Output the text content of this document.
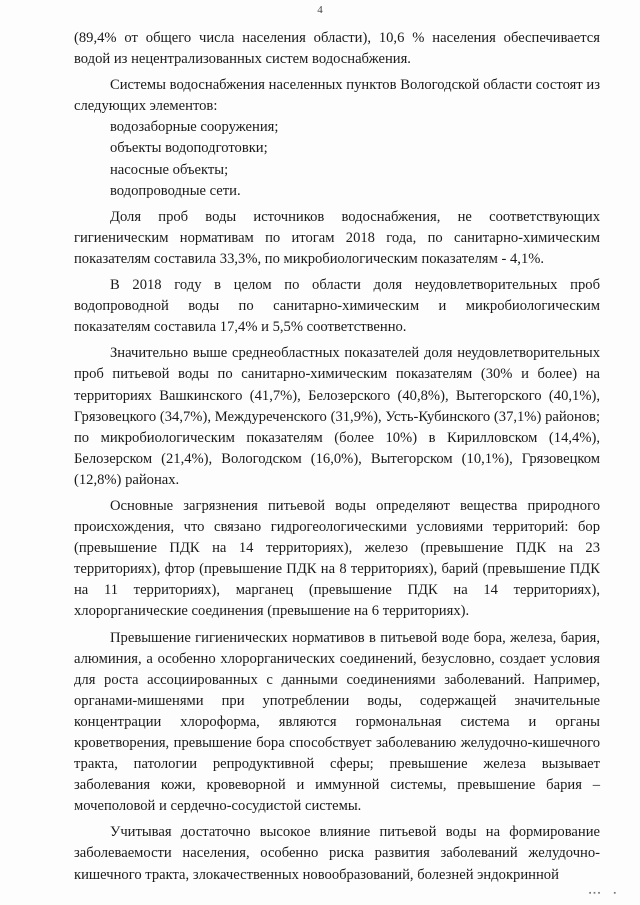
4

(89,4% от общего числа населения области), 10,6 % населения обеспечивается водой из нецентрализованных систем водоснабжения.

Системы водоснабжения населенных пунктов Вологодской области состоят из следующих элементов:

водозаборные сооружения;
объекты водоподготовки;
насосные объекты;
водопроводные сети.

Доля проб воды источников водоснабжения, не соответствующих гигиеническим нормативам по итогам 2018 года, по санитарно-химическим показателям составила 33,3%, по микробиологическим показателям - 4,1%.

В 2018 году в целом по области доля неудовлетворительных проб водопроводной воды по санитарно-химическим и микробиологическим показателям составила 17,4% и 5,5% соответственно.

Значительно выше среднеобластных показателей доля неудовлетворительных проб питьевой воды по санитарно-химическим показателям (30% и более) на территориях Вашкинского (41,7%), Белозерского (40,8%), Вытегорского (40,1%), Грязовецкого (34,7%), Междуреченского (31,9%), Усть-Кубинского (37,1%) районов; по микробиологическим показателям (более 10%) в Кирилловском (14,4%), Белозерском (21,4%), Вологодском (16,0%), Вытегорском (10,1%), Грязовецком (12,8%) районах.

Основные загрязнения питьевой воды определяют вещества природного происхождения, что связано гидрогеологическими условиями территорий: бор (превышение ПДК на 14 территориях), железо (превышение ПДК на 23 территориях), фтор (превышение ПДК на 8 территориях), барий (превышение ПДК на 11 территориях), марганец (превышение ПДК на 14 территориях), хлорорганические соединения (превышение на 6 территориях).

Превышение гигиенических нормативов в питьевой воде бора, железа, бария, алюминия, а особенно хлорорганических соединений, безусловно, создает условия для роста ассоциированных с данными соединениями заболеваний. Например, органами-мишенями при употреблении воды, содержащей значительные концентрации хлороформа, являются гормональная система и органы кроветворения, превышение бора способствует заболеванию желудочно-кишечного тракта, патологии репродуктивной сферы; превышение железа вызывает заболевания кожи, кровеворной и иммунной системы, превышение бария – мочеполовой и сердечно-сосудистой системы.

Учитывая достаточно высокое влияние питьевой воды на формирование заболеваемости населения, особенно риска развития заболеваний желудочно-кишечного тракта, злокачественных новообразований, болезней эндокринной

▪▪▪   ▪
